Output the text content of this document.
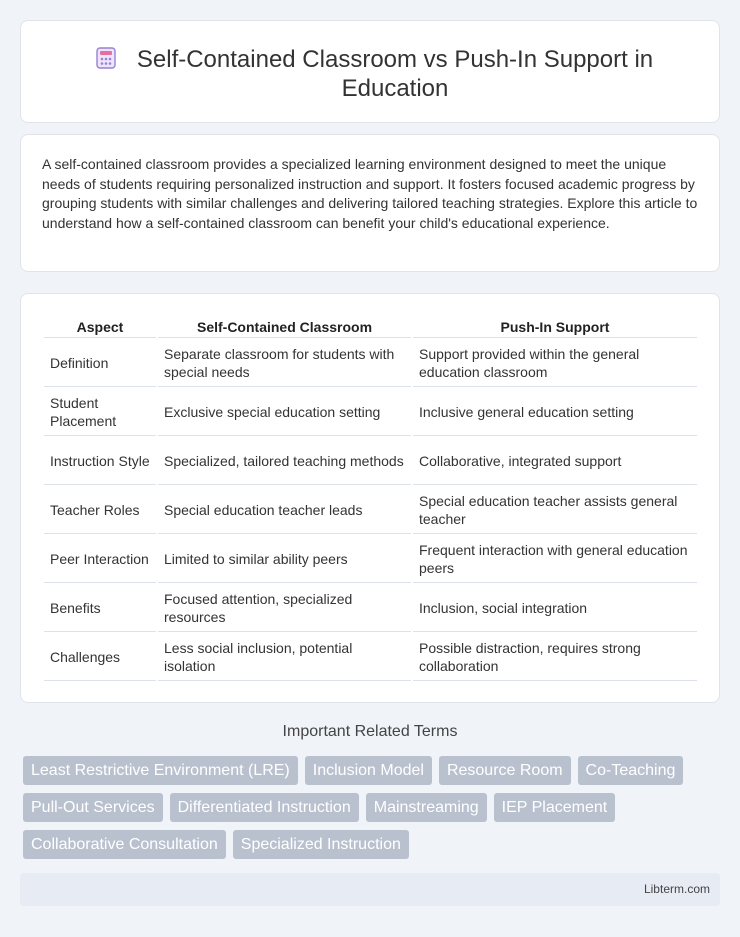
Self-Contained Classroom vs Push-In Support in Education

A self-contained classroom provides a specialized learning environment designed to meet the unique needs of students requiring personalized instruction and support. It fosters focused academic progress by grouping students with similar challenges and delivering tailored teaching strategies. Explore this article to understand how a self-contained classroom can benefit your child's educational experience.

Aspect	Self-Contained Classroom	Push-In Support
Definition	Separate classroom for students with special needs	Support provided within the general education classroom
Student Placement	Exclusive special education setting	Inclusive general education setting
Instruction Style	Specialized, tailored teaching methods	Collaborative, integrated support
Teacher Roles	Special education teacher leads	Special education teacher assists general teacher
Peer Interaction	Limited to similar ability peers	Frequent interaction with general education peers
Benefits	Focused attention, specialized resources	Inclusion, social integration
Challenges	Less social inclusion, potential isolation	Possible distraction, requires strong collaboration
Important Related Terms
Least Restrictive Environment (LRE)	Inclusion Model	Resource Room	Co-Teaching
Pull-Out Services	Differentiated Instruction	Mainstreaming	IEP Placement
Collaborative Consultation	Specialized Instruction
Libterm.com
